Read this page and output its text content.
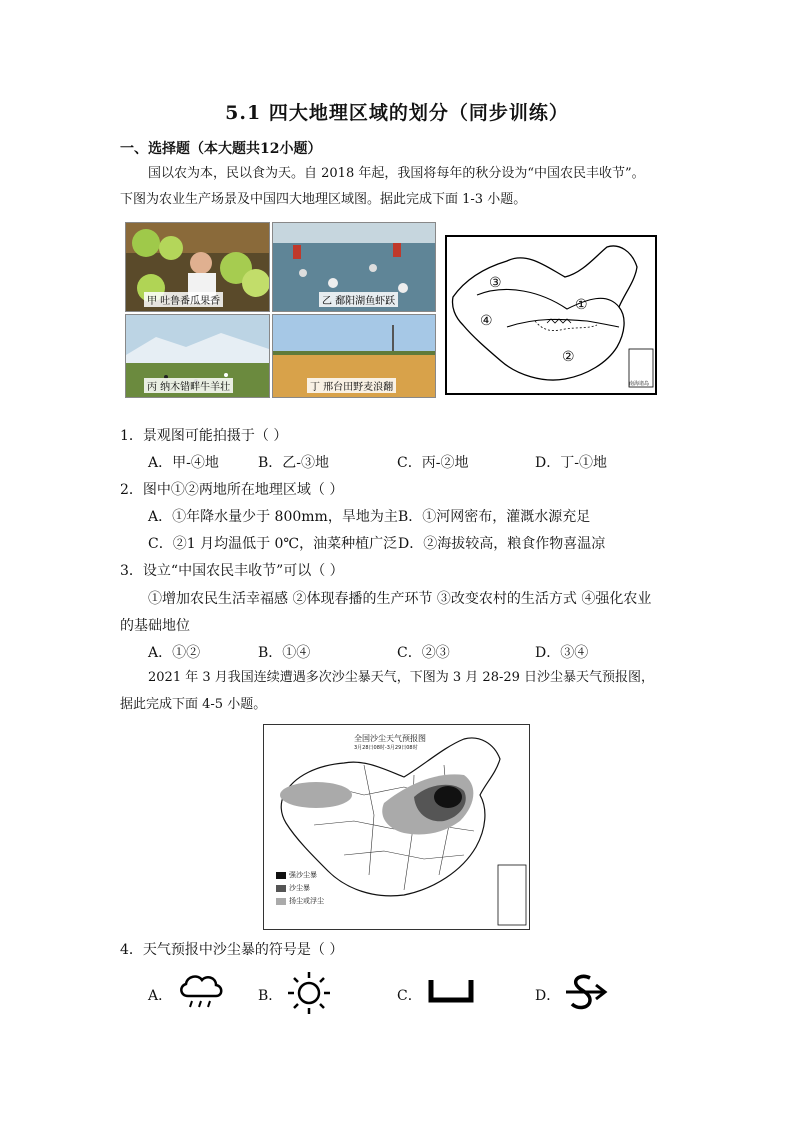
5.1 四大地理区域的划分（同步训练）
一、选择题（本大题共12小题）
国以农为本，民以食为天。自 2018 年起，我国将每年的秋分设为“中国农民丰收节”。
下图为农业生产场景及中国四大地理区域图。据此完成下面 1-3 小题。
甲 吐鲁番瓜果香	乙 鄱阳湖鱼虾跃
丙 纳木错畔牛羊壮	丁 邢台田野麦浪翻
③
①
④
②
南海诸岛
1．景观图可能拍摄于（ ）
A．甲-④地	B．乙-③地	C．丙-②地	D．丁-①地
2．图中①②两地所在地理区域（ ）
A．①年降水量少于 800mm，旱地为主 B．①河网密布，灌溉水源充足
C．②1 月均温低于 0℃，油菜种植广泛 D．②海拔较高，粮食作物喜温凉
3．设立“中国农民丰收节”可以（ ）
①增加农民生活幸福感 ②体现春播的生产环节 ③改变农村的生活方式 ④强化农业
的基础地位
A．①②	B．①④	C．②③	D．③④
2021 年 3 月我国连续遭遇多次沙尘暴天气，下图为 3 月 28-29 日沙尘暴天气预报图，
据此完成下面 4-5 小题。
全国沙尘天气预报图
3月28日08时-3月29日08时
强沙尘暴
沙尘暴
扬尘或浮尘
4．天气预报中沙尘暴的符号是（ ）
A．	B．	C．	D．
